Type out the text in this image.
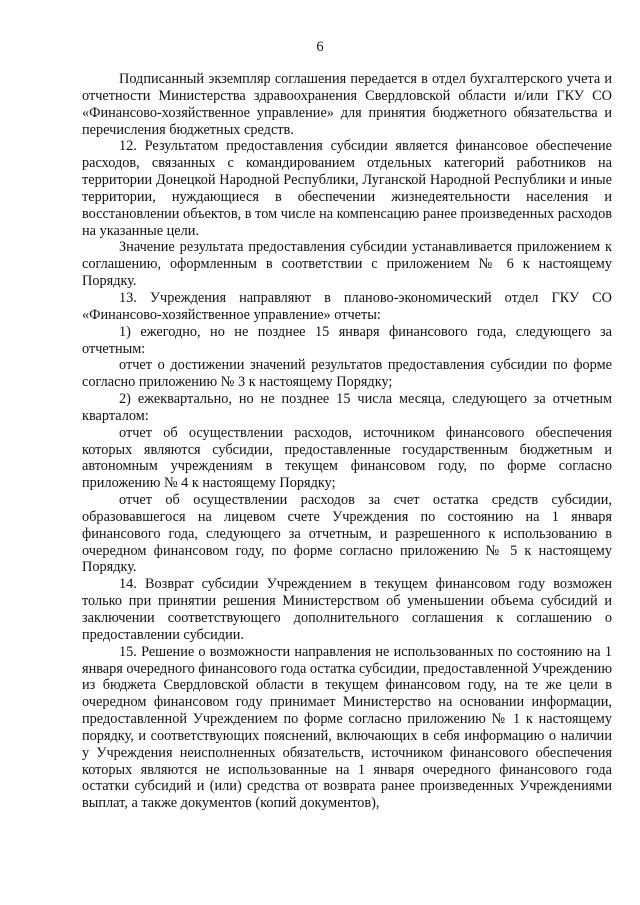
6

Подписанный экземпляр соглашения передается в отдел бухгалтерского учета и отчетности Министерства здравоохранения Свердловской области и/или ГКУ СО «Финансово-хозяйственное управление» для принятия бюджетного обязательства и перечисления бюджетных средств.

12. Результатом предоставления субсидии является финансовое обеспечение расходов, связанных с командированием отдельных категорий работников на территории Донецкой Народной Республики, Луганской Народной Республики и иные территории, нуждающиеся в обеспечении жизнедеятельности населения и восстановлении объектов, в том числе на компенсацию ранее произведенных расходов на указанные цели.

Значение результата предоставления субсидии устанавливается приложением к соглашению, оформленным в соответствии с приложением № 6 к настоящему Порядку.

13. Учреждения направляют в планово-экономический отдел ГКУ СО «Финансово-хозяйственное управление» отчеты:

1) ежегодно, но не позднее 15 января финансового года, следующего за отчетным:

отчет о достижении значений результатов предоставления субсидии по форме согласно приложению № 3 к настоящему Порядку;

2) ежеквартально, но не позднее 15 числа месяца, следующего за отчетным кварталом:

отчет об осуществлении расходов, источником финансового обеспечения которых являются субсидии, предоставленные государственным бюджетным и автономным учреждениям в текущем финансовом году, по форме согласно приложению № 4 к настоящему Порядку;

отчет об осуществлении расходов за счет остатка средств субсидии, образовавшегося на лицевом счете Учреждения по состоянию на 1 января финансового года, следующего за отчетным, и разрешенного к использованию в очередном финансовом году, по форме согласно приложению № 5 к настоящему Порядку.

14. Возврат субсидии Учреждением в текущем финансовом году возможен только при принятии решения Министерством об уменьшении объема субсидий и заключении соответствующего дополнительного соглашения к соглашению о предоставлении субсидии.

15. Решение о возможности направления не использованных по состоянию на 1 января очередного финансового года остатка субсидии, предоставленной Учреждению из бюджета Свердловской области в текущем финансовом году, на те же цели в очередном финансовом году принимает Министерство на основании информации, предоставленной Учреждением по форме согласно приложению № 1 к настоящему порядку, и соответствующих пояснений, включающих в себя информацию о наличии у Учреждения неисполненных обязательств, источником финансового обеспечения которых являются не использованные на 1 января очередного финансового года остатки субсидий и (или) средства от возврата ранее произведенных Учреждениями выплат, а также документов (копий документов),
